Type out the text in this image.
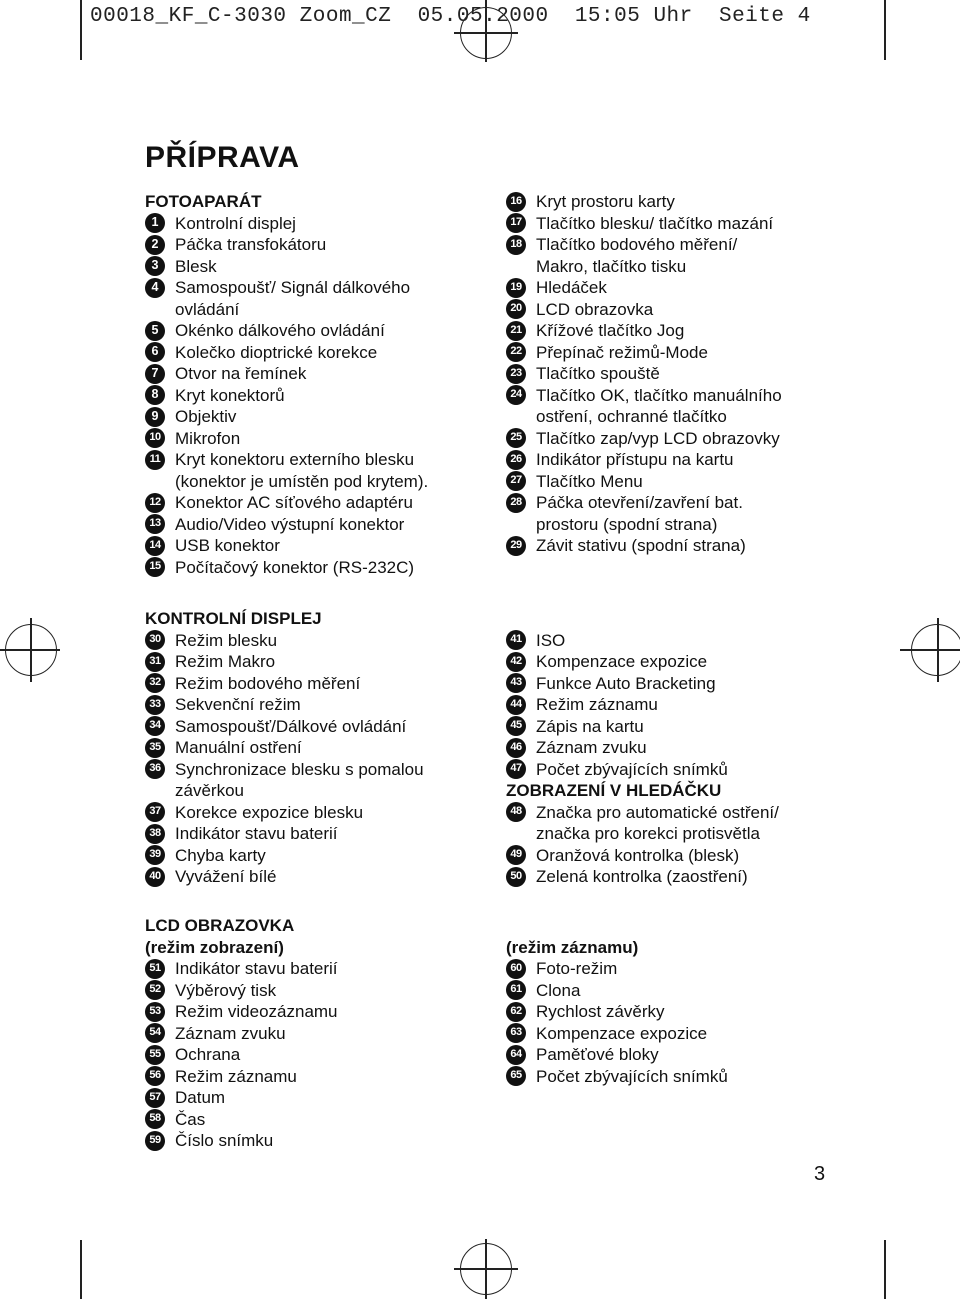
00018_KF_C-3030 Zoom_CZ 05.05.2000 15:05 Uhr Seite 4
PŘÍPRAVA
FOTOAPARÁT
1 Kontrolní displej
2 Páčka transfokátoru
3 Blesk
4 Samospoušť/ Signál dálkového
ovládání
5 Okénko dálkového ovládání
6 Kolečko dioptrické korekce
7 Otvor na řemínek
8 Kryt konektorů
9 Objektiv
10 Mikrofon
11 Kryt konektoru externího blesku
(konektor je umístěn pod krytem).
12 Konektor AC síťového adaptéru
13 Audio/Video výstupní konektor
14 USB konektor
15 Počítačový konektor (RS-232C)
16 Kryt prostoru karty
17 Tlačítko blesku/ tlačítko mazání
18 Tlačítko bodového měření/
Makro, tlačítko tisku
19 Hledáček
20 LCD obrazovka
21 Křížové tlačítko Jog
22 Přepínač režimů-Mode
23 Tlačítko spouště
24 Tlačítko OK, tlačítko manuálního
ostření, ochranné tlačítko
25 Tlačítko zap/vyp LCD obrazovky
26 Indikátor přístupu na kartu
27 Tlačítko Menu
28 Páčka otevření/zavření bat.
prostoru (spodní strana)
29 Závit stativu (spodní strana)
KONTROLNÍ DISPLEJ
30 Režim blesku
31 Režim Makro
32 Režim bodového měření
33 Sekvenční režim
34 Samospoušť/Dálkové ovládání
35 Manuální ostření
36 Synchronizace blesku s pomalou
závěrkou
37 Korekce expozice blesku
38 Indikátor stavu baterií
39 Chyba karty
40 Vyvážení bílé
41 ISO
42 Kompenzace expozice
43 Funkce Auto Bracketing
44 Režim záznamu
45 Zápis na kartu
46 Záznam zvuku
47 Počet zbývajících snímků
ZOBRAZENÍ V HLEDÁČKU
48 Značka pro automatické ostření/
značka pro korekci protisvětla
49 Oranžová kontrolka (blesk)
50 Zelená kontrolka (zaostření)
LCD OBRAZOVKA
(režim zobrazení)
51 Indikátor stavu baterií
52 Výběrový tisk
53 Režim videozáznamu
54 Záznam zvuku
55 Ochrana
56 Režim záznamu
57 Datum
58 Čas
59 Číslo snímku
(režim záznamu)
60 Foto-režim
61 Clona
62 Rychlost závěrky
63 Kompenzace expozice
64 Paměťové bloky
65 Počet zbývajících snímků
3
